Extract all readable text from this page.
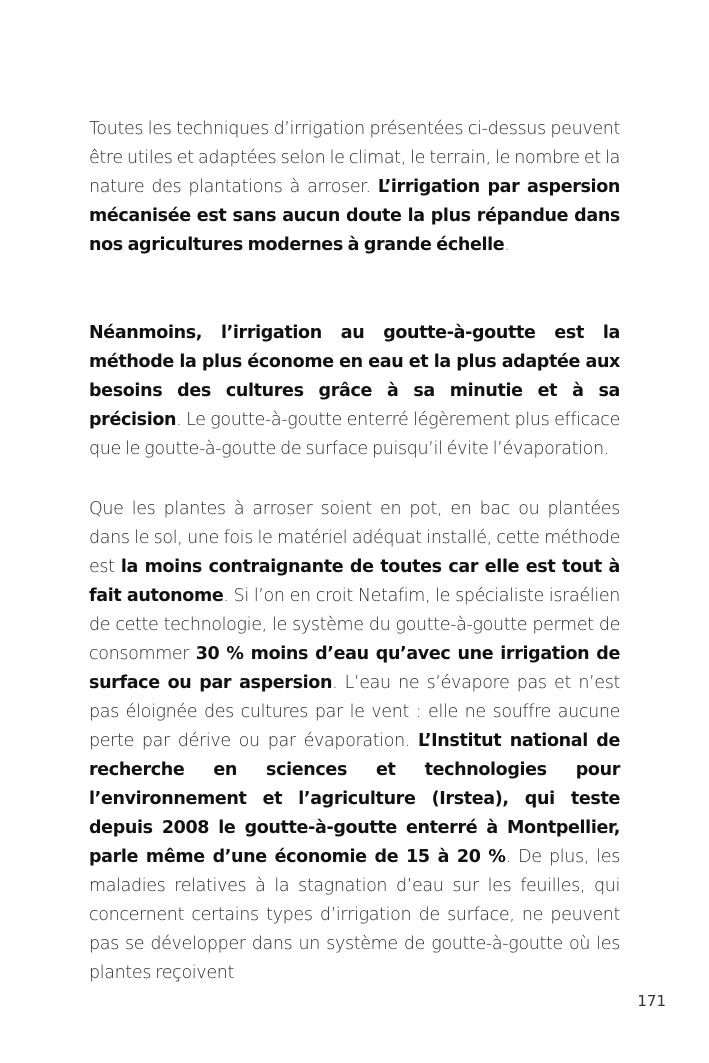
Toutes les techniques d’irrigation présentées ci-dessus peuvent être utiles et adaptées selon le climat, le terrain, le nombre et la nature des plantations à arroser. L’irrigation par aspersion mécanisée est sans aucun doute la plus répandue dans nos agricultures modernes à grande échelle.
Néanmoins, l’irrigation au goutte-à-goutte est la méthode la plus économe en eau et la plus adaptée aux besoins des cultures grâce à sa minutie et à sa précision. Le goutte-à-goutte enterré légèrement plus efficace que le goutte-à-goutte de surface puisqu’il évite l’évaporation.
Que les plantes à arroser soient en pot, en bac ou plantées dans le sol, une fois le matériel adéquat installé, cette méthode est la moins contraignante de toutes car elle est tout à fait autonome. Si l’on en croit Netafim, le spécialiste israélien de cette technologie, le système du goutte-à-goutte permet de consommer 30 % moins d’eau qu’avec une irrigation de surface ou par aspersion. L’eau ne s’évapore pas et n’est pas éloignée des cultures par le vent : elle ne souffre aucune perte par dérive ou par évaporation. L’Institut national de recherche en sciences et technologies pour l’environnement et l’agriculture (Irstea), qui teste depuis 2008 le goutte-à-goutte enterré à Montpellier, parle même d’une économie de 15 à 20 %. De plus, les maladies relatives à la stagnation d’eau sur les feuilles, qui concernent certains types d’irrigation de surface, ne peuvent pas se développer dans un système de goutte-à-goutte où les plantes reçoivent
171
